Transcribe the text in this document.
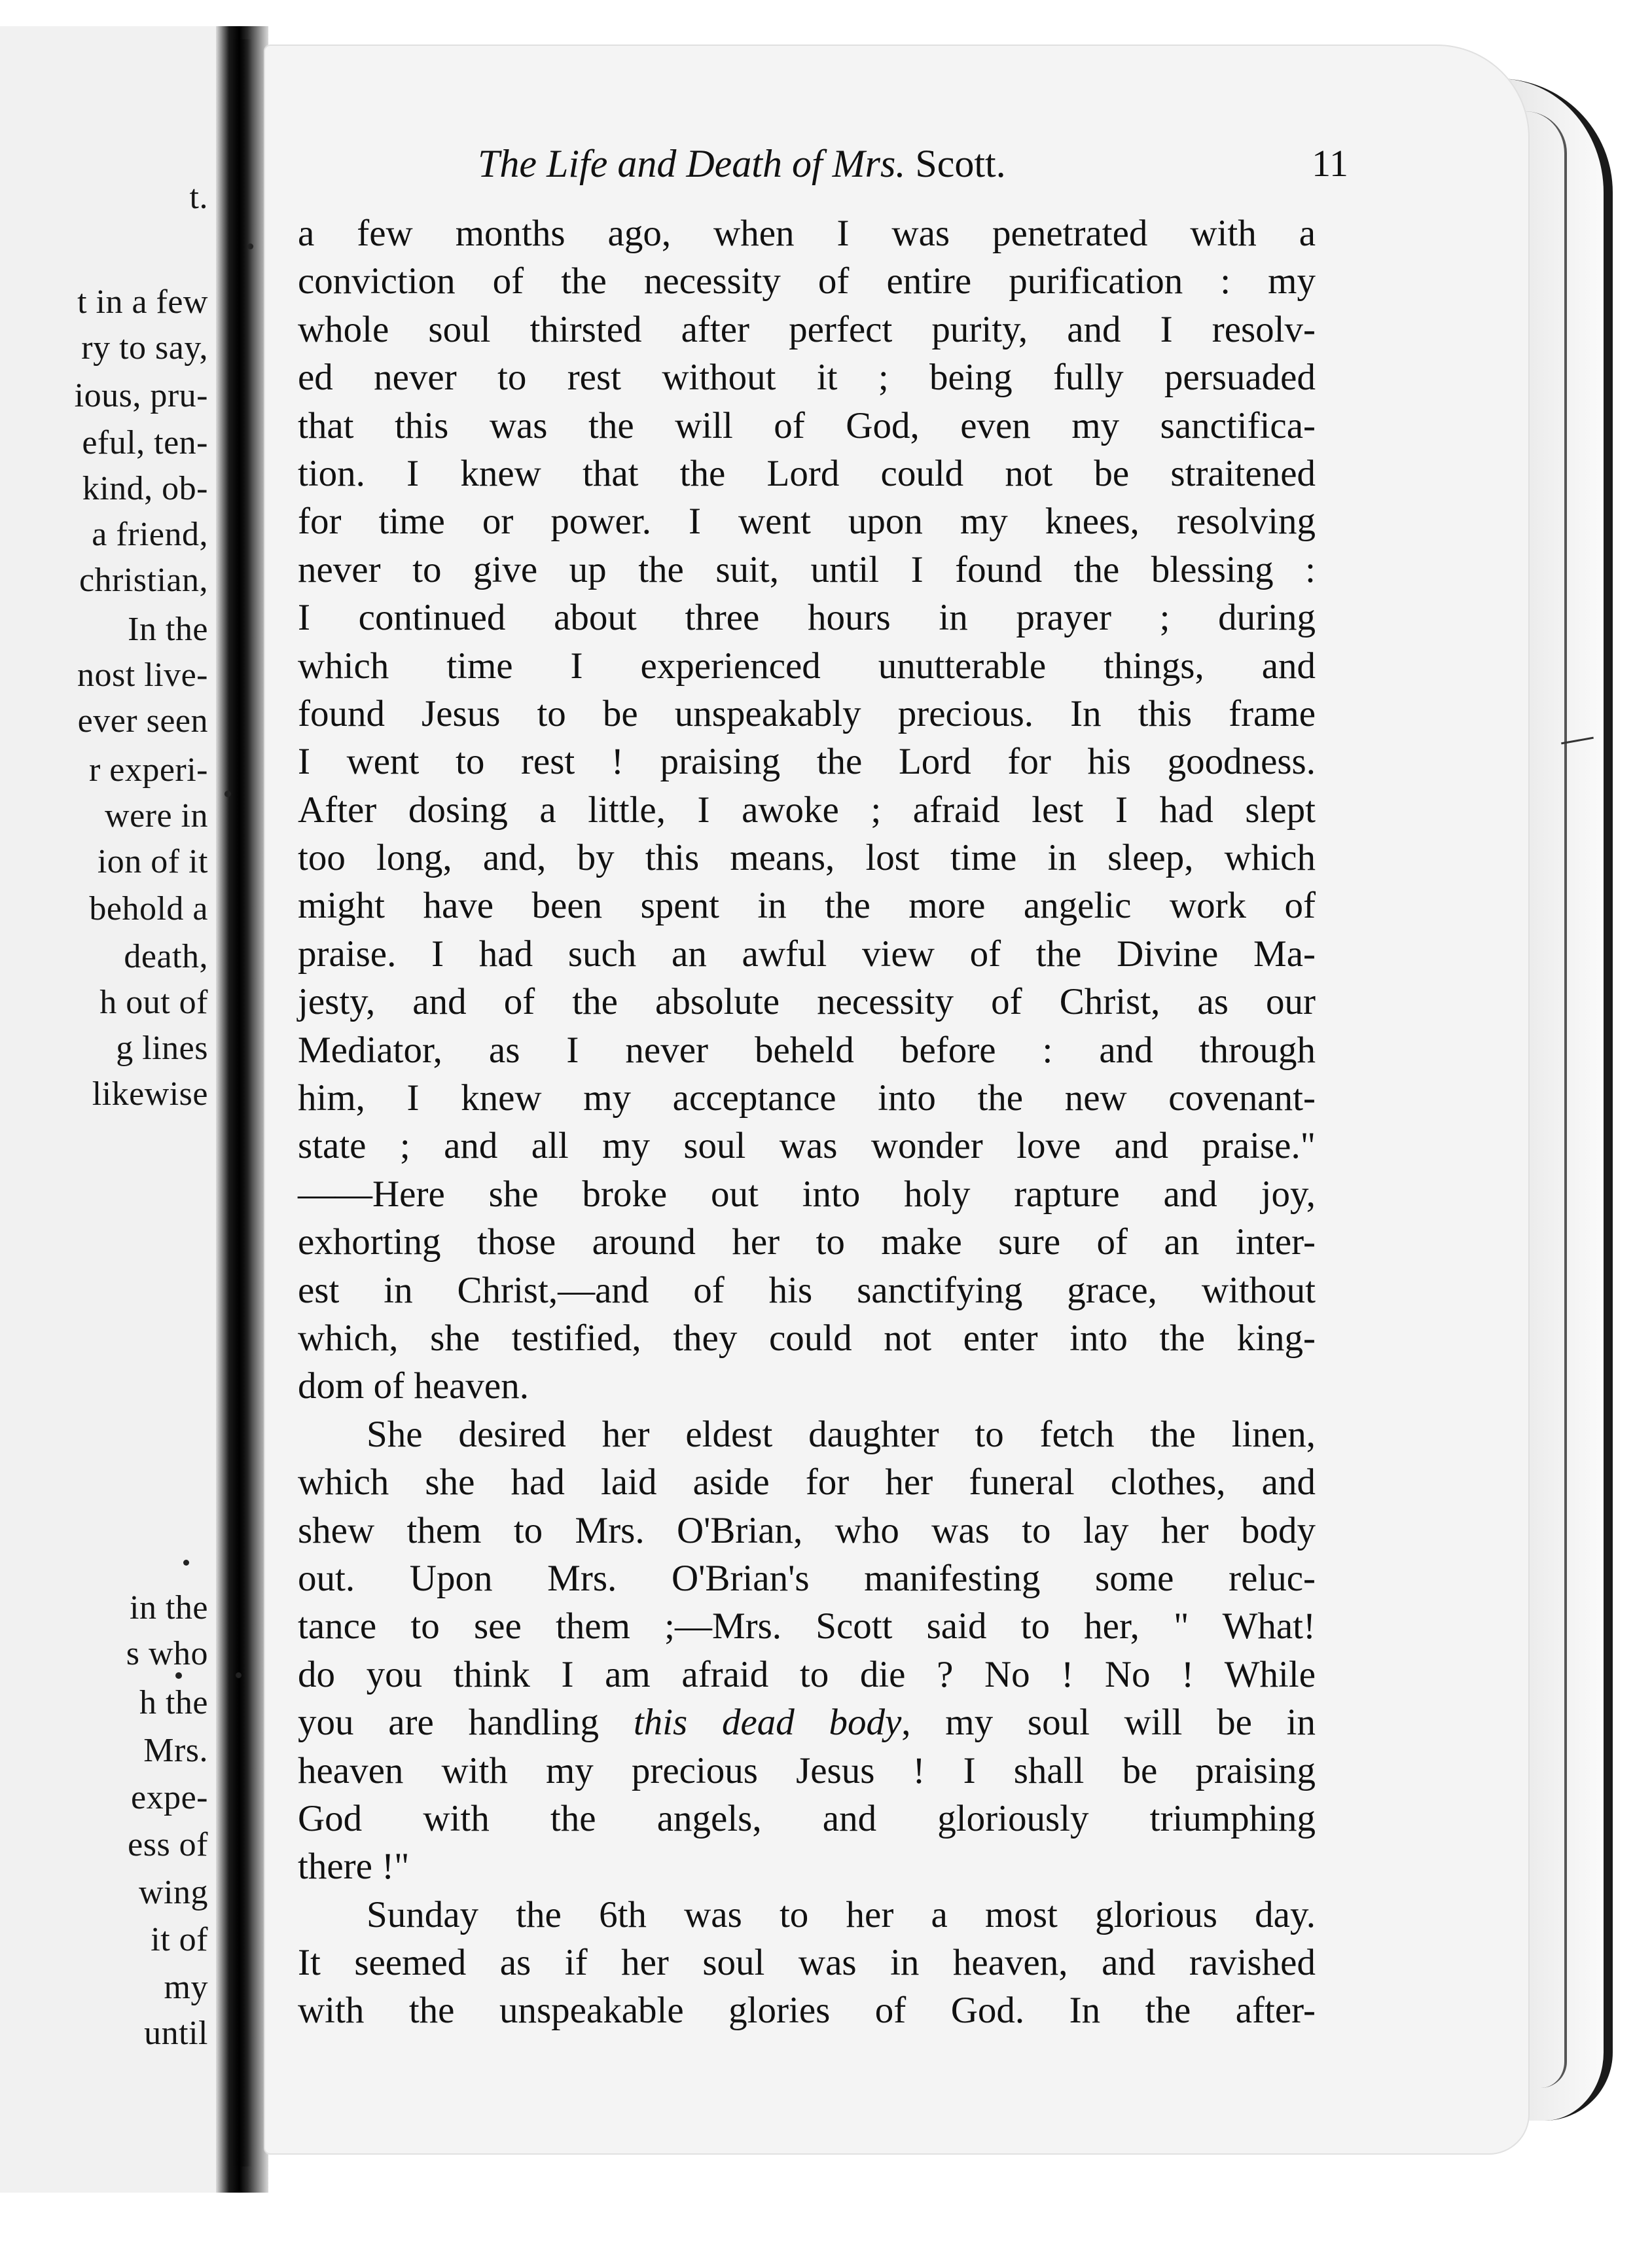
t.
t in a few
ry to say,
ious, pru-
eful, ten-
kind, ob-
a friend,
christian,
In the
nost live-
ever seen
r experi-
were in
ion of it
behold a
death,
h out of
g lines
likewise
in the
s who
h the
Mrs.
expe-
ess of
wing
it of
my
until
The Life and Death of Mrs. Scott.	11
a few months ago, when I was penetrated with a
conviction of the necessity of entire purification : my
whole soul thirsted after perfect purity, and I resolv-
ed never to rest without it ; being fully persuaded
that this was the will of God, even my sanctifica-
tion. I knew that the Lord could not be straitened
for time or power. I went upon my knees, resolving
never to give up the suit, until I found the blessing :
I continued about three hours in prayer ; during
which time I experienced unutterable things, and
found Jesus to be unspeakably precious. In this frame
I went to rest ! praising the Lord for his goodness.
After dosing a little, I awoke ; afraid lest I had slept
too long, and, by this means, lost time in sleep, which
might have been spent in the more angelic work of
praise. I had such an awful view of the Divine Ma-
jesty, and of the absolute necessity of Christ, as our
Mediator, as I never beheld before : and through
him, I knew my acceptance into the new covenant-
state ; and all my soul was wonder love and praise."
——Here she broke out into holy rapture and joy,
exhorting those around her to make sure of an inter-
est in Christ,—and of his sanctifying grace, without
which, she testified, they could not enter into the king-
dom of heaven.
She desired her eldest daughter to fetch the linen,
which she had laid aside for her funeral clothes, and
shew them to Mrs. O'Brian, who was to lay her body
out. Upon Mrs. O'Brian's manifesting some reluc-
tance to see them ;—Mrs. Scott said to her, " What!
do you think I am afraid to die ? No ! No ! While
you are handling this dead body, my soul will be in
heaven with my precious Jesus ! I shall be praising
God with the angels, and gloriously triumphing
there !"
Sunday the 6th was to her a most glorious day.
It seemed as if her soul was in heaven, and ravished
with the unspeakable glories of God. In the after-
